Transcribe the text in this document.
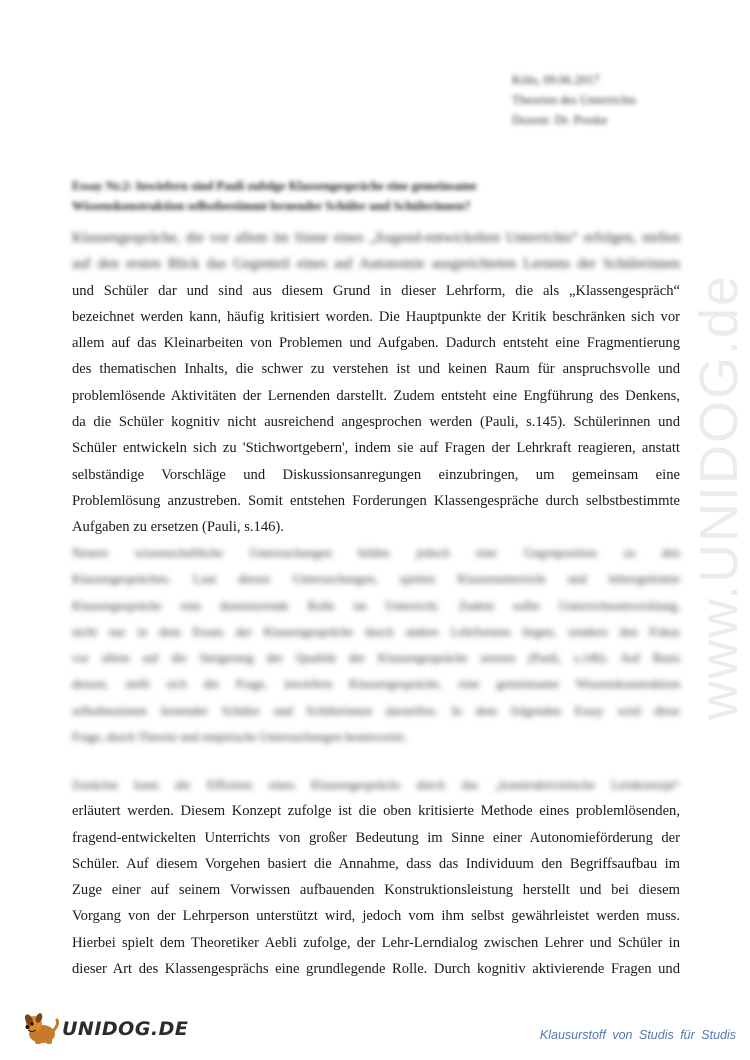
Köln, 09.06.2017
Theorien des Unterrichts
Dozent: Dr. Proske
Essay Nr.2: Inwiefern sind Pauli zufolge Klassengespräche eine gemeinsame
Wissenskonstruktion selbstbestimmt lernender Schüler und Schülerinnen?
Klassengespräche, die vor allem im Sinne eines „fragend-entwickelten Unterrichts“ erfolgen, stellen
auf den ersten Blick das Gegenteil eines auf Autonomie ausgerichteten Lernens der Schülerinnen
und Schüler dar und sind aus diesem Grund in dieser Lehrform, die als „Klassengespräch“
bezeichnet werden kann, häufig kritisiert worden. Die Hauptpunkte der Kritik beschränken sich vor
allem auf das Kleinarbeiten von Problemen und Aufgaben. Dadurch entsteht eine Fragmentierung
des thematischen Inhalts, die schwer zu verstehen ist und keinen Raum für anspruchsvolle und
problemlösende Aktivitäten der Lernenden darstellt. Zudem entsteht eine Engführung des Denkens,
da die Schüler kognitiv nicht ausreichend angesprochen werden (Pauli, s.145). Schülerinnen und
Schüler entwickeln sich zu 'Stichwortgebern', indem sie auf Fragen der Lehrkraft reagieren, anstatt
selbständige Vorschläge und Diskussionsanregungen einzubringen, um gemeinsam eine
Problemlösung anzustreben. Somit entstehen Forderungen Klassengespräche durch selbstbestimmte
Aufgaben zu ersetzen (Pauli, s.146).
Neuere wissenschaftliche Untersuchungen bilden jedoch eine Gegenposition zu den
Klassengesprächen. Laut diesen Untersuchungen, spielen Klassenunterricht und lehrergeleitete
Klassengespräche eine dominierende Rolle im Unterricht. Zudem sollte Unterrichtsentwicklung,
nicht nur in dem Ersatz der Klassengespräche durch andere Lehrformen liegen, sondern den Fokus
vor allem auf die Steigerung der Qualität der Klassengespräche setzten (Pauli, s.146). Auf Basis
dessen, stellt sich die Frage, inwiefern Klassengespräche, eine gemeinsame Wissenskonstruktion
selbstbestimmt lernender Schüler und Schülerinnen darstellen. In dem folgenden Essay wird diese
Frage, durch Theorie und empirische Untersuchungen beantwortet.
Zunächst kann die Effizienz eines Klassengesprächs durch das „konstruktivistische Lernkonzept“
erläutert werden. Diesem Konzept zufolge ist die oben kritisierte Methode eines problemlösenden,
fragend-entwickelten Unterrichts von großer Bedeutung im Sinne einer Autonomieförderung der
Schüler. Auf diesem Vorgehen basiert die Annahme, dass das Individuum den Begriffsaufbau im
Zuge einer auf seinem Vorwissen aufbauenden Konstruktionsleistung herstellt und bei diesem
Vorgang von der Lehrperson unterstützt wird, jedoch vom ihm selbst gewährleistet werden muss.
Hierbei spielt dem Theoretiker Aebli zufolge, der Lehr-Lerndialog zwischen Lehrer und Schüler in
dieser Art des Klassengesprächs eine grundlegende Rolle. Durch kognitiv aktivierende Fragen und
www.UNIDOG.de
UNIDOG.DE	Klausurstoff von Studis für Studis
